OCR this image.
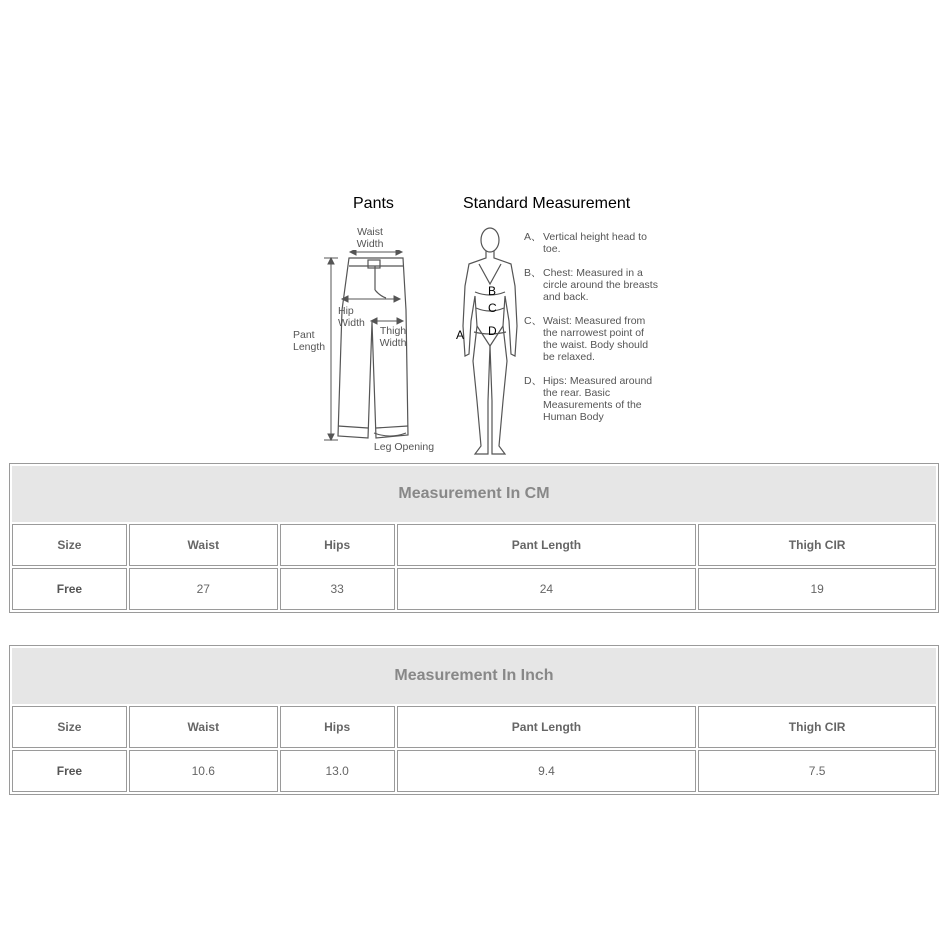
Pants	Standard Measurement
Waist
Width
Hip
Width
Thigh
Width
Pant
Length
Leg Opening
A
B
C
D
A、 Vertical height head to toe.
B、 Chest: Measured in a circle around the breasts and back.
C、 Waist: Measured from the narrowest point of the waist. Body should be relaxed.
D、 Hips: Measured around the rear. Basic Measurements of the Human Body
Measurement In CM
Size	Waist	Hips	Pant Length	Thigh CIR
Free	27	33	24	19
Measurement In Inch
Size	Waist	Hips	Pant Length	Thigh CIR
Free	10.6	13.0	9.4	7.5
